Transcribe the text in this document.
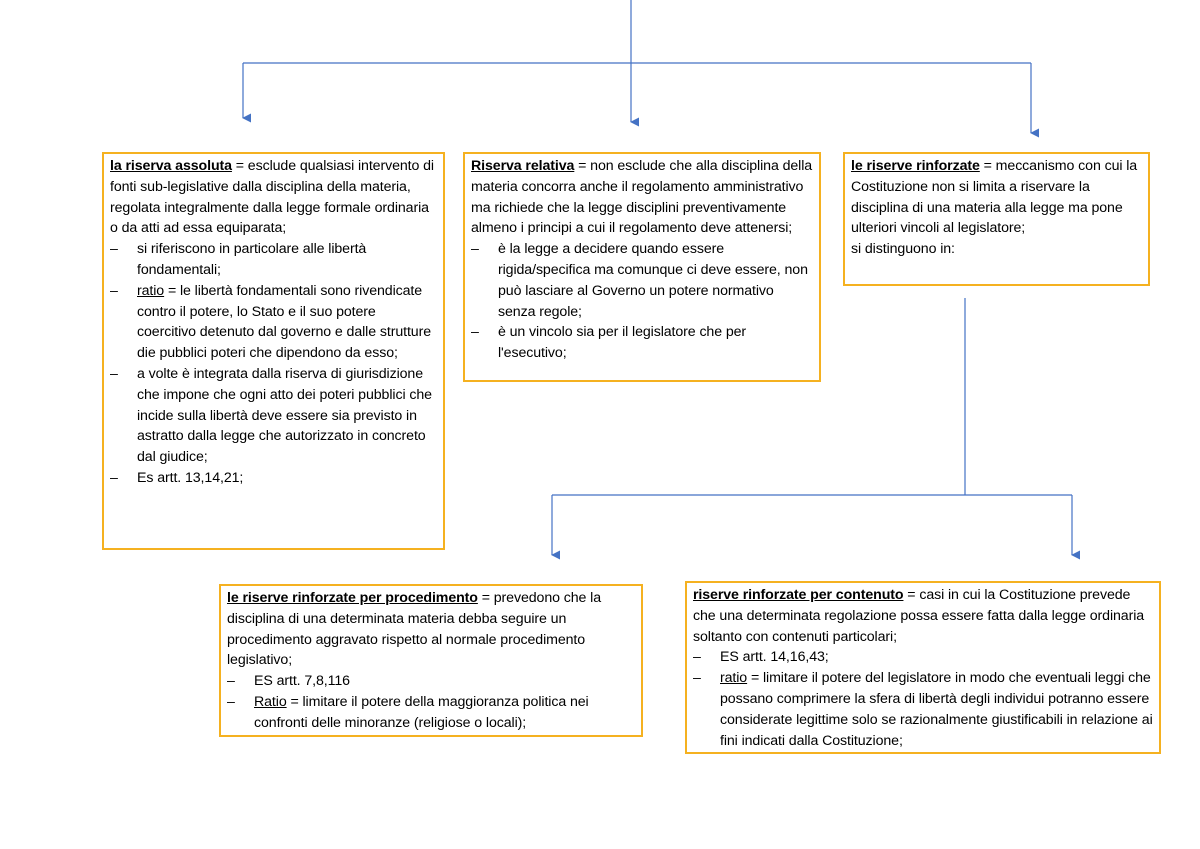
la riserva assoluta = esclude qualsiasi intervento di fonti sub-legislative dalla disciplina della materia, regolata integralmente dalla legge formale ordinaria o da atti ad essa equiparata;
– si riferiscono in particolare alle libertà fondamentali;
– ratio = le libertà fondamentali sono rivendicate contro il potere, lo Stato e il suo potere coercitivo detenuto dal governo e dalle strutture die pubblici poteri che dipendono da esso;
– a volte è integrata dalla riserva di giurisdizione che impone che ogni atto dei poteri pubblici che incide sulla libertà deve essere sia previsto in astratto dalla legge che autorizzato in concreto dal giudice;
– Es artt. 13,14,21;
Riserva relativa = non esclude che alla disciplina della materia concorra anche il regolamento amministrativo ma richiede che la legge disciplini preventivamente almeno i principi a cui il regolamento deve attenersi;
– è la legge a decidere quando essere rigida/specifica ma comunque ci deve essere, non può lasciare al Governo un potere normativo senza regole;
– è un vincolo sia per il legislatore che per l'esecutivo;
le riserve rinforzate = meccanismo con cui la Costituzione non si limita a riservare la disciplina di una materia alla legge ma pone ulteriori vincoli al legislatore;
si distinguono in:
le riserve rinforzate per procedimento = prevedono che la disciplina di una determinata materia debba seguire un procedimento aggravato rispetto al normale procedimento legislativo;
– ES artt. 7,8,116
– Ratio = limitare il potere della maggioranza politica nei confronti delle minoranze (religiose o locali);
riserve rinforzate per contenuto = casi in cui la Costituzione prevede che una determinata regolazione possa essere fatta dalla legge ordinaria soltanto con contenuti particolari;
– ES artt. 14,16,43;
– ratio = limitare il potere del legislatore in modo che eventuali leggi che possano comprimere la sfera di libertà degli individui potranno essere considerate legittime solo se razionalmente giustificabili in relazione ai fini indicati dalla Costituzione;
